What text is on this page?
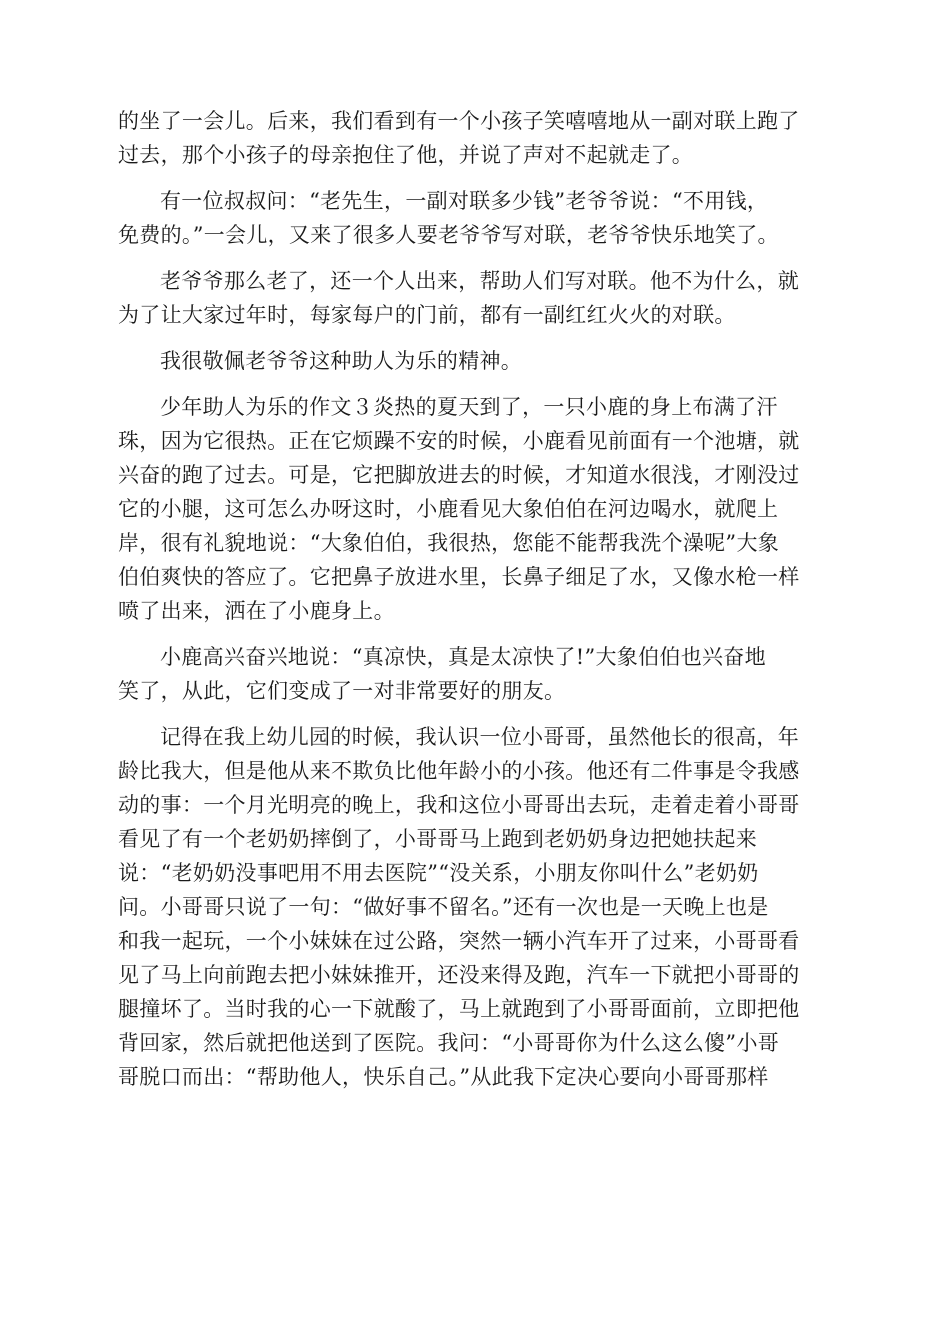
的坐了一会儿。后来，我们看到有一个小孩子笑嘻嘻地从一副对联上跑了
过去，那个小孩子的母亲抱住了他，并说了声对不起就走了。

有一位叔叔问：“老先生，一副对联多少钱”老爷爷说：“不用钱，
免费的。”一会儿，又来了很多人要老爷爷写对联，老爷爷快乐地笑了。

老爷爷那么老了，还一个人出来，帮助人们写对联。他不为什么，就
为了让大家过年时，每家每户的门前，都有一副红红火火的对联。

我很敬佩老爷爷这种助人为乐的精神。

少年助人为乐的作文３炎热的夏天到了，一只小鹿的身上布满了汗
珠，因为它很热。正在它烦躁不安的时候，小鹿看见前面有一个池塘，就
兴奋的跑了过去。可是，它把脚放进去的时候，才知道水很浅，才刚没过
它的小腿，这可怎么办呀这时，小鹿看见大象伯伯在河边喝水，就爬上
岸，很有礼貌地说：“大象伯伯，我很热，您能不能帮我洗个澡呢”大象
伯伯爽快的答应了。它把鼻子放进水里，长鼻子细足了水，又像水枪一样
喷了出来，洒在了小鹿身上。

小鹿高兴奋兴地说：“真凉快，真是太凉快了!”大象伯伯也兴奋地
笑了，从此，它们变成了一对非常要好的朋友。

记得在我上幼儿园的时候，我认识一位小哥哥，虽然他长的很高，年
龄比我大，但是他从来不欺负比他年龄小的小孩。他还有二件事是令我感
动的事：一个月光明亮的晚上，我和这位小哥哥出去玩，走着走着小哥哥
看见了有一个老奶奶摔倒了，小哥哥马上跑到老奶奶身边把她扶起来
说：“老奶奶没事吧用不用去医院”“没关系，小朋友你叫什么”老奶奶
问。小哥哥只说了一句：“做好事不留名。”还有一次也是一天晚上也是
和我一起玩，一个小妹妹在过公路，突然一辆小汽车开了过来，小哥哥看
见了马上向前跑去把小妹妹推开，还没来得及跑，汽车一下就把小哥哥的
腿撞坏了。当时我的心一下就酸了，马上就跑到了小哥哥面前，立即把他
背回家，然后就把他送到了医院。我问：“小哥哥你为什么这么傻”小哥
哥脱口而出：“帮助他人，快乐自己。”从此我下定决心要向小哥哥那样
